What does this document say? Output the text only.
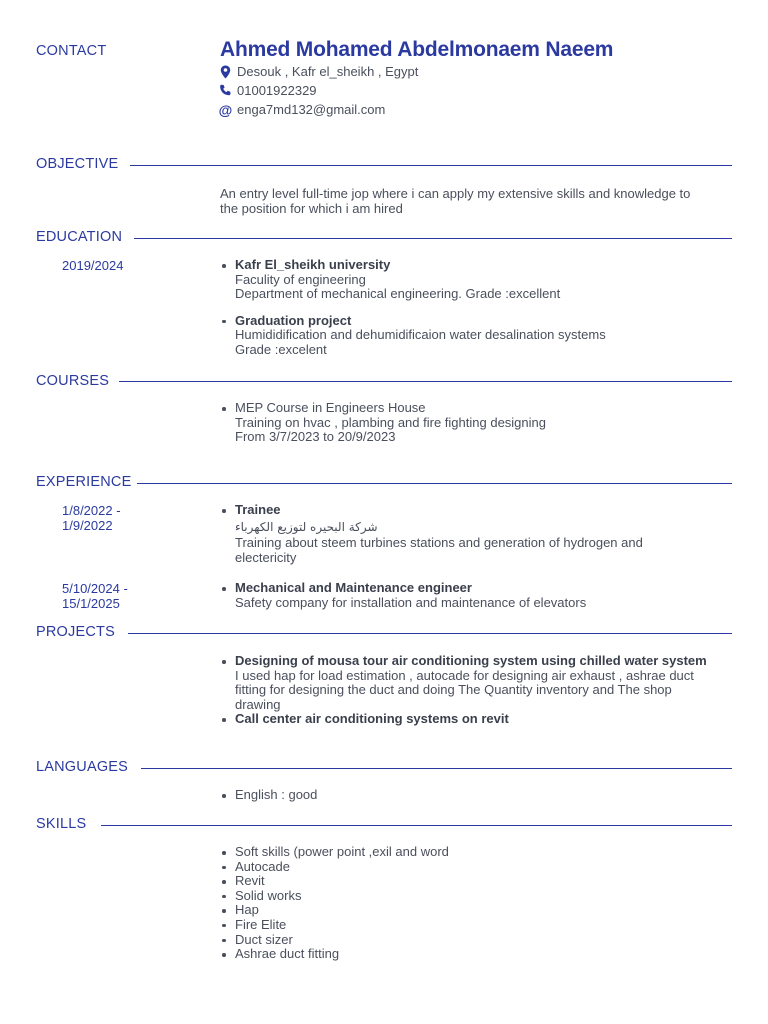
CONTACT	Ahmed Mohamed Abdelmonaem Naeem
Desouk , Kafr el_sheikh , Egypt
01001922329
@ enga7md132@gmail.com
OBJECTIVE
An entry level full-time jop where i can apply my extensive skills and knowledge to
the position for which i am hired
EDUCATION
2019/2024	Kafr El_sheikh university
Faculity of engineering
Department of mechanical engineering. Grade :excellent
Graduation project
Humididification and dehumidificaion water desalination systems
Grade :excelent
COURSES
MEP Course in Engineers House
Training on hvac , plambing and fire fighting designing
From 3/7/2023 to 20/9/2023
EXPERIENCE
1/8/2022 -
1/9/2022
Trainee
شركة البحيره لتوزيع الكهرباء
Training about steem turbines stations and generation of hydrogen and
electericity
5/10/2024 -
15/1/2025
Mechanical and Maintenance engineer
Safety company for installation and maintenance of elevators
PROJECTS
Designing of mousa tour air conditioning system using chilled water system
I used hap for load estimation , autocade for designing air exhaust , ashrae duct
fitting for designing the duct and doing The Quantity inventory and The shop
drawing
Call center air conditioning systems on revit
LANGUAGES
English : good
SKILLS
Soft skills (power point ,exil and word
Autocade
Revit
Solid works
Hap
Fire Elite
Duct sizer
Ashrae duct fitting
